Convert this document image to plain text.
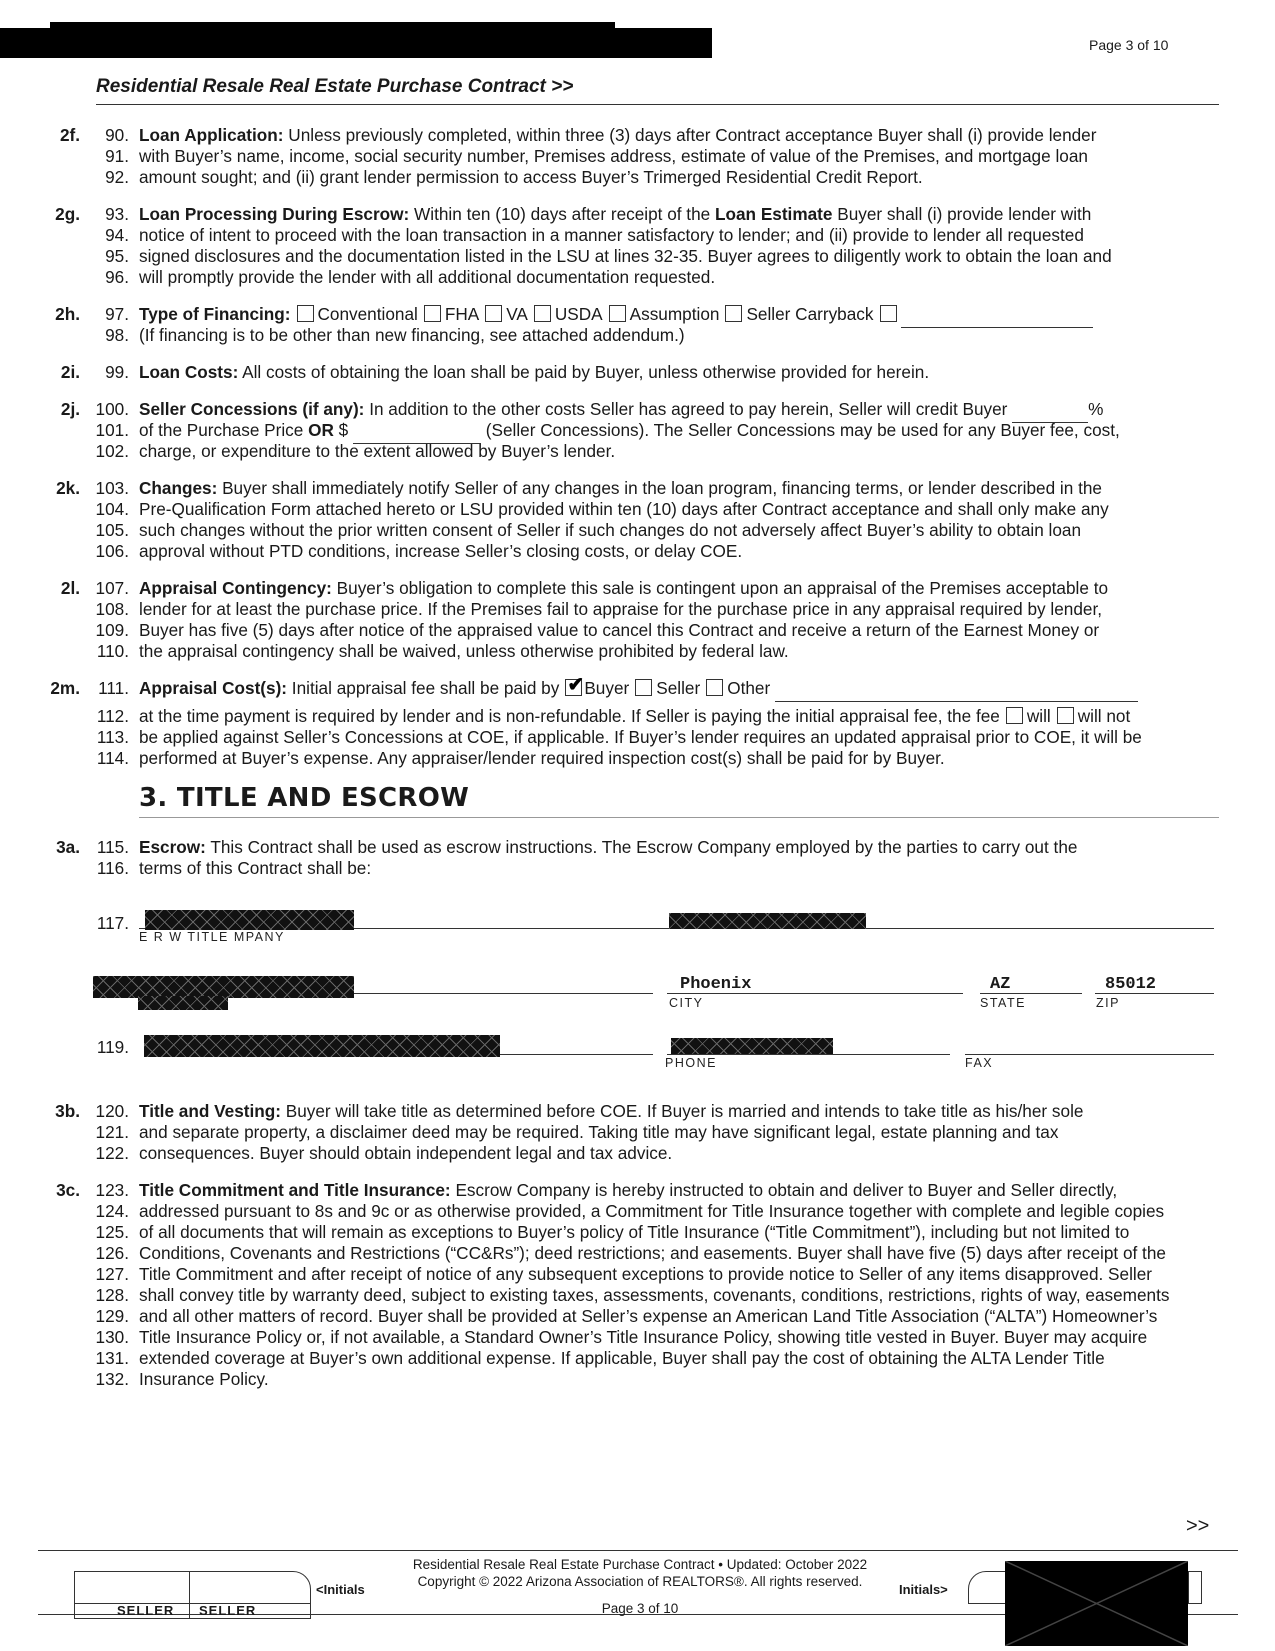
Page 3 of 10
Residential Resale Real Estate Purchase Contract >>
2f.	90. Loan Application: Unless previously completed, within three (3) days after Contract acceptance Buyer shall (i) provide lender
91. with Buyer’s name, income, social security number, Premises address, estimate of value of the Premises, and mortgage loan
92. amount sought; and (ii) grant lender permission to access Buyer’s Trimerged Residential Credit Report.
2g.	93. Loan Processing During Escrow: Within ten (10) days after receipt of the Loan Estimate Buyer shall (i) provide lender with
94. notice of intent to proceed with the loan transaction in a manner satisfactory to lender; and (ii) provide to lender all requested
95. signed disclosures and the documentation listed in the LSU at lines 32-35. Buyer agrees to diligently work to obtain the loan and
96. will promptly provide the lender with all additional documentation requested.
2h.	97. Type of Financing: Conventional FHA VA USDA Assumption Seller Carryback
98. (If financing is to be other than new financing, see attached addendum.)
2i.	99. Loan Costs: All costs of obtaining the loan shall be paid by Buyer, unless otherwise provided for herein.
2j. 100. Seller Concessions (if any): In addition to the other costs Seller has agreed to pay herein, Seller will credit Buyer	%
101. of the Purchase Price OR $	(Seller Concessions). The Seller Concessions may be used for any Buyer fee, cost,
102. charge, or expenditure to the extent allowed by Buyer’s lender.
2k. 103. Changes: Buyer shall immediately notify Seller of any changes in the loan program, financing terms, or lender described in the
104. Pre-Qualification Form attached hereto or LSU provided within ten (10) days after Contract acceptance and shall only make any
105. such changes without the prior written consent of Seller if such changes do not adversely affect Buyer’s ability to obtain loan
106. approval without PTD conditions, increase Seller’s closing costs, or delay COE.
2l. 107. Appraisal Contingency: Buyer’s obligation to complete this sale is contingent upon an appraisal of the Premises acceptable to
108. lender for at least the purchase price. If the Premises fail to appraise for the purchase price in any appraisal required by lender,
109. Buyer has five (5) days after notice of the appraised value to cancel this Contract and receive a return of the Earnest Money or
110. the appraisal contingency shall be waived, unless otherwise prohibited by federal law.
2m.	111. Appraisal Cost(s): Initial appraisal fee shall be paid by✔ Buyer Seller Other
112. at the time payment is required by lender and is non-refundable. If Seller is paying the initial appraisal fee, the fee will will not
113. be applied against Seller’s Concessions at COE, if applicable. If Buyer’s lender requires an updated appraisal prior to COE, it will be
114. performed at Buyer’s expense. Any appraiser/lender required inspection cost(s) shall be paid for by Buyer.
3. TITLE AND ESCROW
3a. 115. Escrow: This Contract shall be used as escrow instructions. The Escrow Company employed by the parties to carry out the
116. terms of this Contract shall be:
117.
E R W TITLE MPANY
Phoenix
CITY
AZ
STATE
85012
ZIP
119.
PHONE	FAX
3b. 120. Title and Vesting: Buyer will take title as determined before COE. If Buyer is married and intends to take title as his/her sole
121. and separate property, a disclaimer deed may be required. Taking title may have significant legal, estate planning and tax
122. consequences. Buyer should obtain independent legal and tax advice.
3c. 123. Title Commitment and Title Insurance: Escrow Company is hereby instructed to obtain and deliver to Buyer and Seller directly,
124. addressed pursuant to 8s and 9c or as otherwise provided, a Commitment for Title Insurance together with complete and legible copies
125. of all documents that will remain as exceptions to Buyer’s policy of Title Insurance (“Title Commitment”), including but not limited to
126. Conditions, Covenants and Restrictions (“CC&Rs”); deed restrictions; and easements. Buyer shall have five (5) days after receipt of the
127. Title Commitment and after receipt of notice of any subsequent exceptions to provide notice to Seller of any items disapproved. Seller
128. shall convey title by warranty deed, subject to existing taxes, assessments, covenants, conditions, restrictions, rights of way, easements
129. and all other matters of record. Buyer shall be provided at Seller’s expense an American Land Title Association (“ALTA”) Homeowner’s
130. Title Insurance Policy or, if not available, a Standard Owner’s Title Insurance Policy, showing title vested in Buyer. Buyer may acquire
131. extended coverage at Buyer’s own additional expense. If applicable, Buyer shall pay the cost of obtaining the ALTA Lender Title
132. Insurance Policy.
>>
SELLER SELLER
<Initials
Residential Resale Real Estate Purchase Contract • Updated: October 2022
Copyright © 2022 Arizona Association of REALTORS®. All rights reserved.
Page 3 of 10
Initials>
